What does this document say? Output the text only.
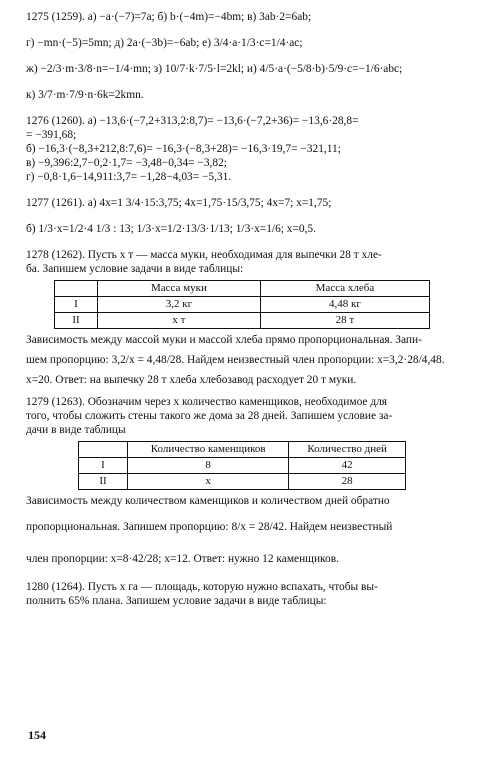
1275 (1259). а) −а·(−7)=7а; б) b·(−4m)=−4bm; в) 3ab·2=6ab;
г) −mn·(−5)=5mn; д) 2а·(−3b)=−6ab; е) 3/4·a·1/3·c=1/4·ac;
ж) −2/3·m·3/8·n=−1/4·mn; з) 10/7·k·7/5·l=2kl; и) 4/5·a·(−5/8·b)·5/9·c=−1/6·abc;
к) 3/7·m·7/9·n·6k=2kmn.
1276 (1260). а) −13,6·(−7,2+313,2:8,7)= −13,6·(−7,2+36)= −13,6·28,8=
= −391,68;
б) −16,3·(−8,3+212,8:7,6)= −16,3·(−8,3+28)= −16,3·19,7= −321,11;
в) −9,396:2,7−0,2·1,7= −3,48−0,34= −3,82;
г) −0,8·1,6−14,911:3,7= −1,28−4,03= −5,31.
1277 (1261). а) 4x=1 3/4·15:3,75; 4x=1,75·15/3,75; 4x=7; x=1,75;
б) 1/3·x=1/2·4 1/3 : 13; 1/3·x=1/2·13/3·1/13; 1/3·x=1/6; x=0,5.
1278 (1262). Пусть x т — масса муки, необходимая для выпечки 28 т хле-
ба. Запишем условие задачи в виде таблицы:
	Масса муки	Масса хлеба
I	3,2 кг	4,48 кг
II	x т	28 т
Зависимость между массой муки и массой хлеба прямо пропорциональная. Запи-
шем пропорцию: 3,2/x = 4,48/28. Найдем неизвестный член пропорции: x=3,2·28/4,48.
x=20. Ответ: на выпечку 28 т хлеба хлебозавод расходует 20 т муки.
1279 (1263). Обозначим через x количество каменщиков, необходимое для
того, чтобы сложить стены такого же дома за 28 дней. Запишем условие за-
дачи в виде таблицы
	Количество каменщиков	Количество дней
I	8	42
II	x	28
Зависимость между количеством каменщиков и количеством дней обратно
пропорциональная. Запишем пропорцию: 8/x = 28/42. Найдем неизвестный
член пропорции: x=8·42/28; x=12. Ответ: нужно 12 каменщиков.
1280 (1264). Пусть x га — площадь, которую нужно вспахать, чтобы вы-
полнить 65% плана. Запишем условие задачи в виде таблицы:
154
